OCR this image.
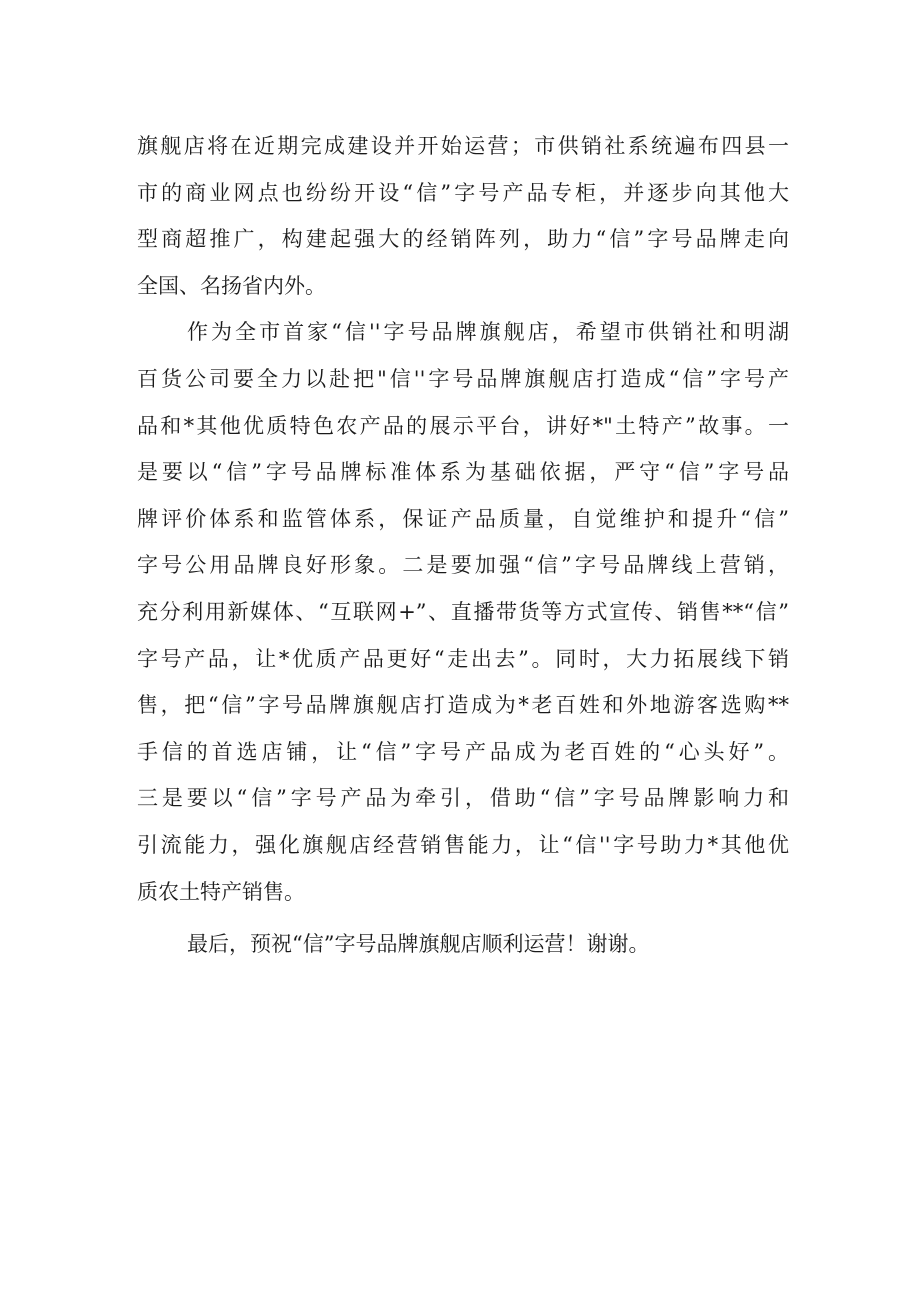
旗舰店将在近期完成建设并开始运营；市供销社系统遍布四县一
市的商业网点也纷纷开设“信”字号产品专柜，并逐步向其他大
型商超推广，构建起强大的经销阵列，助力“信”字号品牌走向
全国、名扬省内外。
作为全市首家“信''字号品牌旗舰店，希望市供销社和明湖
百货公司要全力以赴把"信''字号品牌旗舰店打造成“信”字号产
品和*其他优质特色农产品的展示平台，讲好*"土特产”故事。一
是要以“信”字号品牌标准体系为基础依据，严守“信”字号品
牌评价体系和监管体系，保证产品质量，自觉维护和提升“信”
字号公用品牌良好形象。二是要加强“信”字号品牌线上营销，
充分利用新媒体、“互联网+”、直播带货等方式宣传、销售**“信”
字号产品，让*优质产品更好“走出去”。同时，大力拓展线下销
售，把“信”字号品牌旗舰店打造成为*老百姓和外地游客选购**
手信的首选店铺，让“信”字号产品成为老百姓的“心头好”。
三是要以“信”字号产品为牵引，借助“信”字号品牌影响力和
引流能力，强化旗舰店经营销售能力，让“信''字号助力*其他优
质农土特产销售。
最后，预祝“信”字号品牌旗舰店顺利运营！谢谢。
